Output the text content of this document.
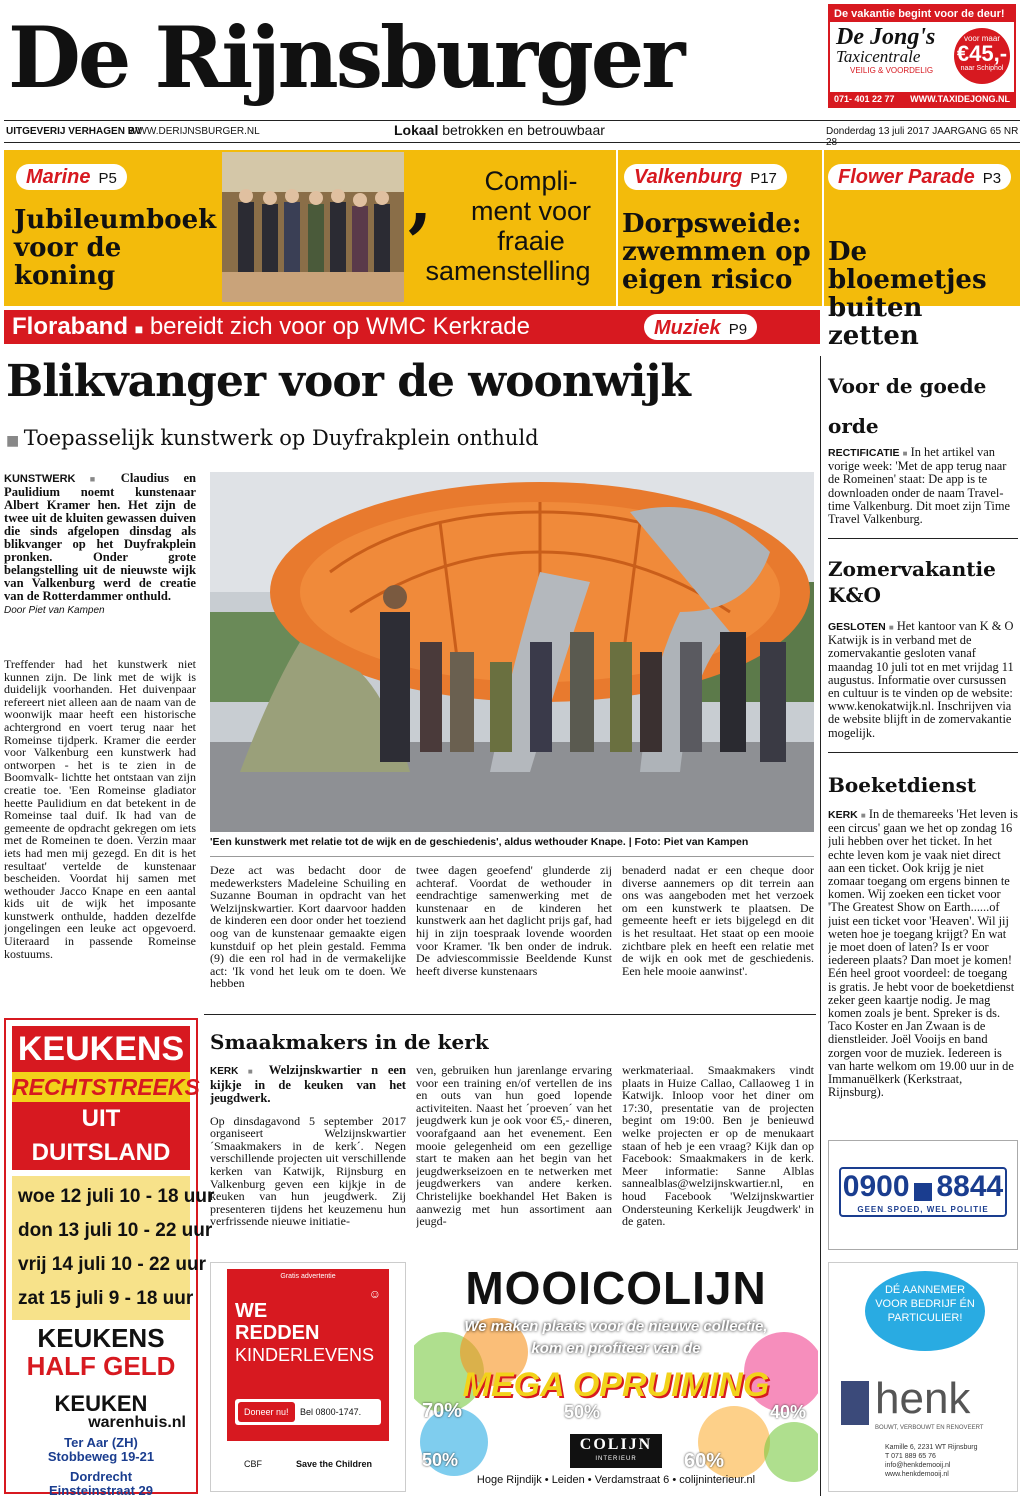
De Rijnsburger	De vakantie begint voor de deur!
De Jong's
Taxicentrale
VEILIG & VOORDELIG
voor maar
€45,-
naar Schiphol
071- 401 22 77 WWW.TAXIDEJONG.NL
UITGEVERIJ VERHAGEN BV
WWW.DERIJNSBURGER.NL	Lokaal betrokken en betrouwbaar	Donderdag 13 juli 2017 JAARGANG 65 NR
Marine P5
Jubileumboek voor de koning
,	Compli-
ment voor
fraaie
samenstelling
Valkenburg P17
Dorpsweide: zwemmen op eigen risico
Flower Parade P3
De bloemetjes buiten zetten
Floraband ■ bereidt zich voor op WMC Kerkrade	Muziek P9
Blikvanger voor de woonwijk
■ Toepasselijk kunstwerk op Duyfrakplein onthuld
KUNSTWERK ■ Claudius en Paulidium noemt kunstenaar Albert Kramer hen. Het zijn de twee uit de kluiten gewassen duiven die sinds afgelopen dinsdag als blikvanger op het Duyfrakplein pronken. Onder grote belangstelling uit de nieuwste wijk van Valkenburg werd de creatie van de Rotterdammer onthuld.
Door Piet van Kampen
Treffender had het kunstwerk niet kunnen zijn. De link met de wijk is duidelijk voorhanden. Het duivenpaar refereert niet alleen aan de naam van de woonwijk maar heeft een historische achtergrond en voert terug naar het Romeinse tijdperk. Kramer die eerder voor Valkenburg een kunstwerk had ontworpen - het is te zien in de Boomvalk- lichtte het ontstaan van zijn creatie toe. 'Een Romeinse gladiator heette Paulidium en dat betekent in de Romeinse taal duif. Ik had van de gemeente de opdracht gekregen om iets met de Romeinen te doen. Verzin maar iets had men mij gezegd. En dit is het resultaat' vertelde de kunstenaar bescheiden. Voordat hij samen met wethouder Jacco Knape en een aantal kids uit de wijk het imposante kunstwerk onthulde, hadden dezelfde jongelingen een leuke act opgevoerd. Uiteraard in passende Romeinse kostuums.
'Een kunstwerk met relatie tot de wijk en de geschiedenis', aldus wethouder Knape. | Foto: Piet van Kampen
Deze act was bedacht door de medewerksters Madeleine Schuiling en Suzanne Bouman in opdracht van het Welzijnskwartier. Kort daarvoor hadden de kinderen een door onder het toeziend oog van de kunstenaar gemaakte eigen kunstduif op het plein gestald. Femma (9) die een rol had in de vermakelijke act: 'Ik vond het leuk om te doen. We hebben
twee dagen geoefend' glunderde zij achteraf. Voordat de wethouder in eendrachtige samenwerking met de kunstenaar en de kinderen het kunstwerk aan het daglicht prijs gaf, had hij in zijn toespraak lovende woorden voor Kramer. 'Ik ben onder de indruk. De adviescommissie Beeldende Kunst heeft diverse kunstenaars
benaderd nadat er een cheque door diverse aannemers op dit terrein aan ons was aangeboden met het verzoek om een kunstwerk te plaatsen. De gemeente heeft er iets bijgelegd en dit is het resultaat. Het staat op een mooie zichtbare plek en heeft een relatie met de wijk en ook met de geschiedenis. Een hele mooie aanwinst'.
Voor de goede orde
RECTIFICATIE ■ In het artikel van vorige week: 'Met de app terug naar de Romeinen' staat: De app is te downloaden onder de naam Travel-time Valkenburg. Dit moet zijn Time Travel Valkenburg.
Zomervakantie K&O
GESLOTEN ■ Het kantoor van K & O Katwijk is in verband met de zomervakantie gesloten vanaf maandag 10 juli tot en met vrijdag 11 augustus. Informatie over cursussen en cultuur is te vinden op de website: www.kenokatwijk.nl. Inschrijven via de website blijft in de zomervakantie mogelijk.
Boeketdienst
KERK ■ In de themareeks 'Het leven is een circus' gaan we het op zondag 16 juli hebben over het ticket. In het echte leven kom je vaak niet direct aan een ticket. Ook krijg je niet zomaar toegang om ergens binnen te komen. Wij zoeken een ticket voor 'The Greatest Show on Earth......of juist een ticket voor 'Heaven'. Wil jij weten hoe je toegang krijgt? En wat je moet doen of laten? Is er voor iedereen plaats? Dan moet je komen! Eén heel groot voordeel: de toegang is gratis. Je hebt voor de boeketdienst zeker geen kaartje nodig. Je mag komen zoals je bent. Spreker is ds. Taco Koster en Jan Zwaan is de dienstleider. Joël Vooijs en band zorgen voor de muziek. Iedereen is van harte welkom om 19.00 uur in de Immanuëlkerk (Kerkstraat, Rijnsburg).
0900 8844
GEEN SPOED, WEL POLITIE
KEUKENS
RECHTSTREEKS
UIT DUITSLAND
woe 12 juli 10 - 18 uur
don 13 juli 10 - 22 uur
vrij 14 juli 10 - 22 uur
zat 15 juli 9 - 18 uur
KEUKENS
HALF GELD
KEUKEN
warenhuis.nl
Ter Aar (ZH)
Stobbeweg 19-21
Dordrecht
Einsteinstraat 29
Smaakmakers in de kerk
KERK ■ Welzijnskwartier n een kijkje in de keuken van het jeugdwerk.
Op dinsdagavond 5 september 2017 organiseert Welzijnskwartier ´Smaakmakers in de kerk´. Negen verschillende projecten uit verschillende kerken van Katwijk, Rijnsburg en Valkenburg geven een kijkje in de keuken van hun jeugdwerk. Zij presenteren tijdens het keuzemenu hun verfrissende nieuwe initiatie-
ven, gebruiken hun jarenlange ervaring voor een training en/of vertellen de ins en outs van hun goed lopende activiteiten. Naast het ´proeven´ van het jeugdwerk kun je ook voor €5,- dineren, voorafgaand aan het evenement. Een mooie gelegenheid om een gezellige start te maken aan het begin van het jeugdwerkseizoen en te netwerken met jeugdwerkers van andere kerken. Christelijke boekhandel Het Baken is aanwezig met hun assortiment aan jeugd-
werkmateriaal. Smaakmakers vindt plaats in Huize Callao, Callaoweg 1 in Katwijk. Inloop voor het diner om 17:30, presentatie van de projecten begint om 19:00. Ben je benieuwd welke projecten er op de menukaart staan of heb je een vraag? Kijk dan op Facebook: Smaakmakers in de kerk. Meer informatie: Sanne Alblas sannealblas@welzijnskwartier.nl, en houd Facebook 'Welzijnskwartier Ondersteuning Kerkelijk Jeugdwerk' in de gaten.
Gratis advertentie
☺
WE
REDDEN
KINDERLEVENS
Doneer nu! Bel 0800-1747.
CBF	Save the Children
MOOICOLIJN
We maken plaats voor de nieuwe collectie,
kom en profiteer van de
MEGA OPRUIMING
70%	50%
50%	60%
40%
COLIJN
INTERIEUR
Hoge Rijndijk • Leiden • Verdamstraat 6 • colijninterieur.nl
DÉ AANNEMER VOOR BEDRIJF ÉN PARTICULIER!
henk
BOUWT, VERBOUWT EN RENOVEERT
Kamille 6, 2231 WT Rijnsburg
T 071 889 65 76
info@henkdemooij.nl
www.henkdemooij.nl
